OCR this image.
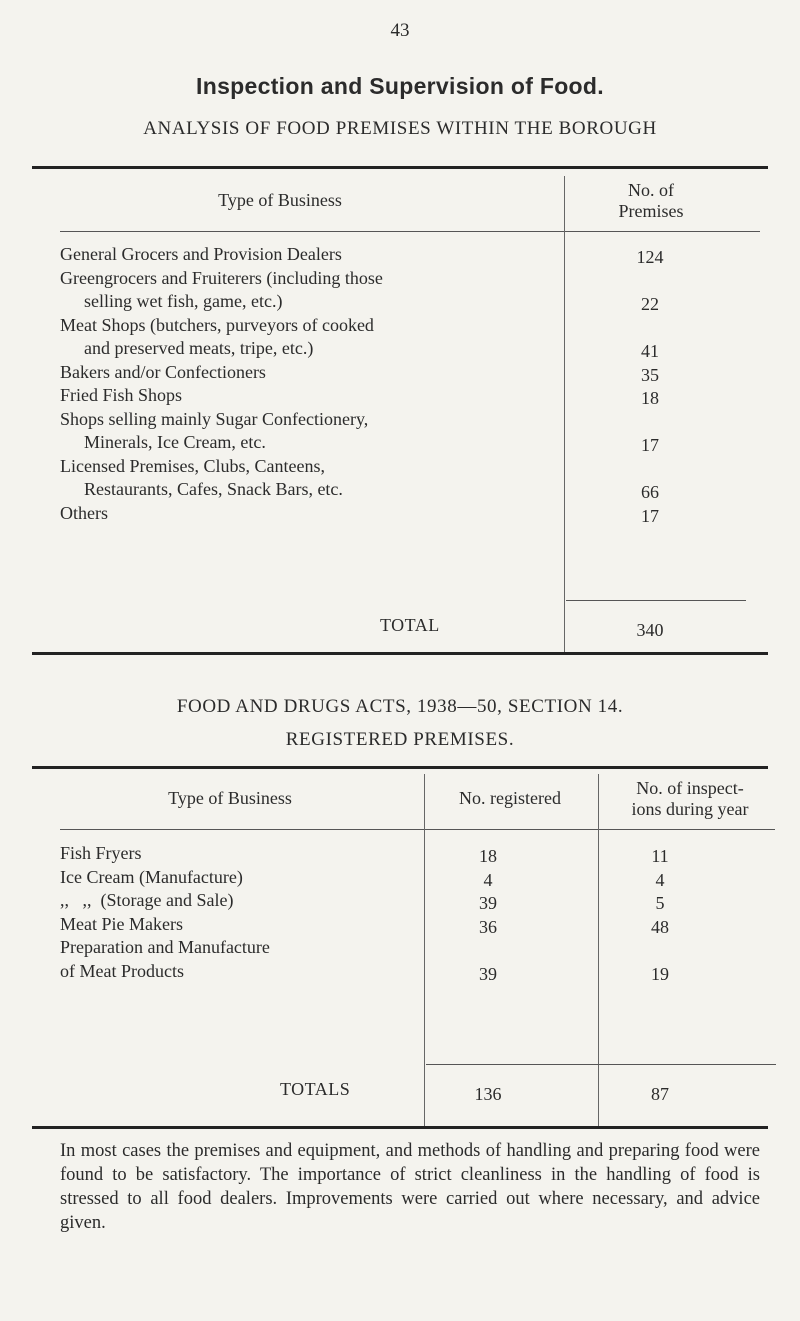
43
Inspection and Supervision of Food.
ANALYSIS OF FOOD PREMISES WITHIN THE BOROUGH
Type of Business	No. of
Premises
General Grocers and Provision Dealers	124
Greengrocers and Fruiterers (including those
selling wet fish, game, etc.)	22
Meat Shops (butchers, purveyors of cooked
and preserved meats, tripe, etc.)	41
Bakers and/or Confectioners	35
Fried Fish Shops	18
Shops selling mainly Sugar Confectionery,
Minerals, Ice Cream, etc.	17
Licensed Premises, Clubs, Canteens,
Restaurants, Cafes, Snack Bars, etc.	66
Others	17
TOTAL	340
FOOD AND DRUGS ACTS, 1938—50, SECTION 14.
REGISTERED PREMISES.
Type of Business	No. registered	No. of inspect-
ions during year
Fish Fryers	18	11
Ice Cream (Manufacture)	4	4
,,   ,,  (Storage and Sale)	39	5
Meat Pie Makers	36	48
Preparation and Manufacture
of Meat Products	39	19
TOTALS	136	87
In most cases the premises and equipment, and methods of handling and preparing food were found to be satisfactory. The importance of strict cleanliness in the handling of food is stressed to all food dealers. Improvements were carried out where necessary, and advice given.
